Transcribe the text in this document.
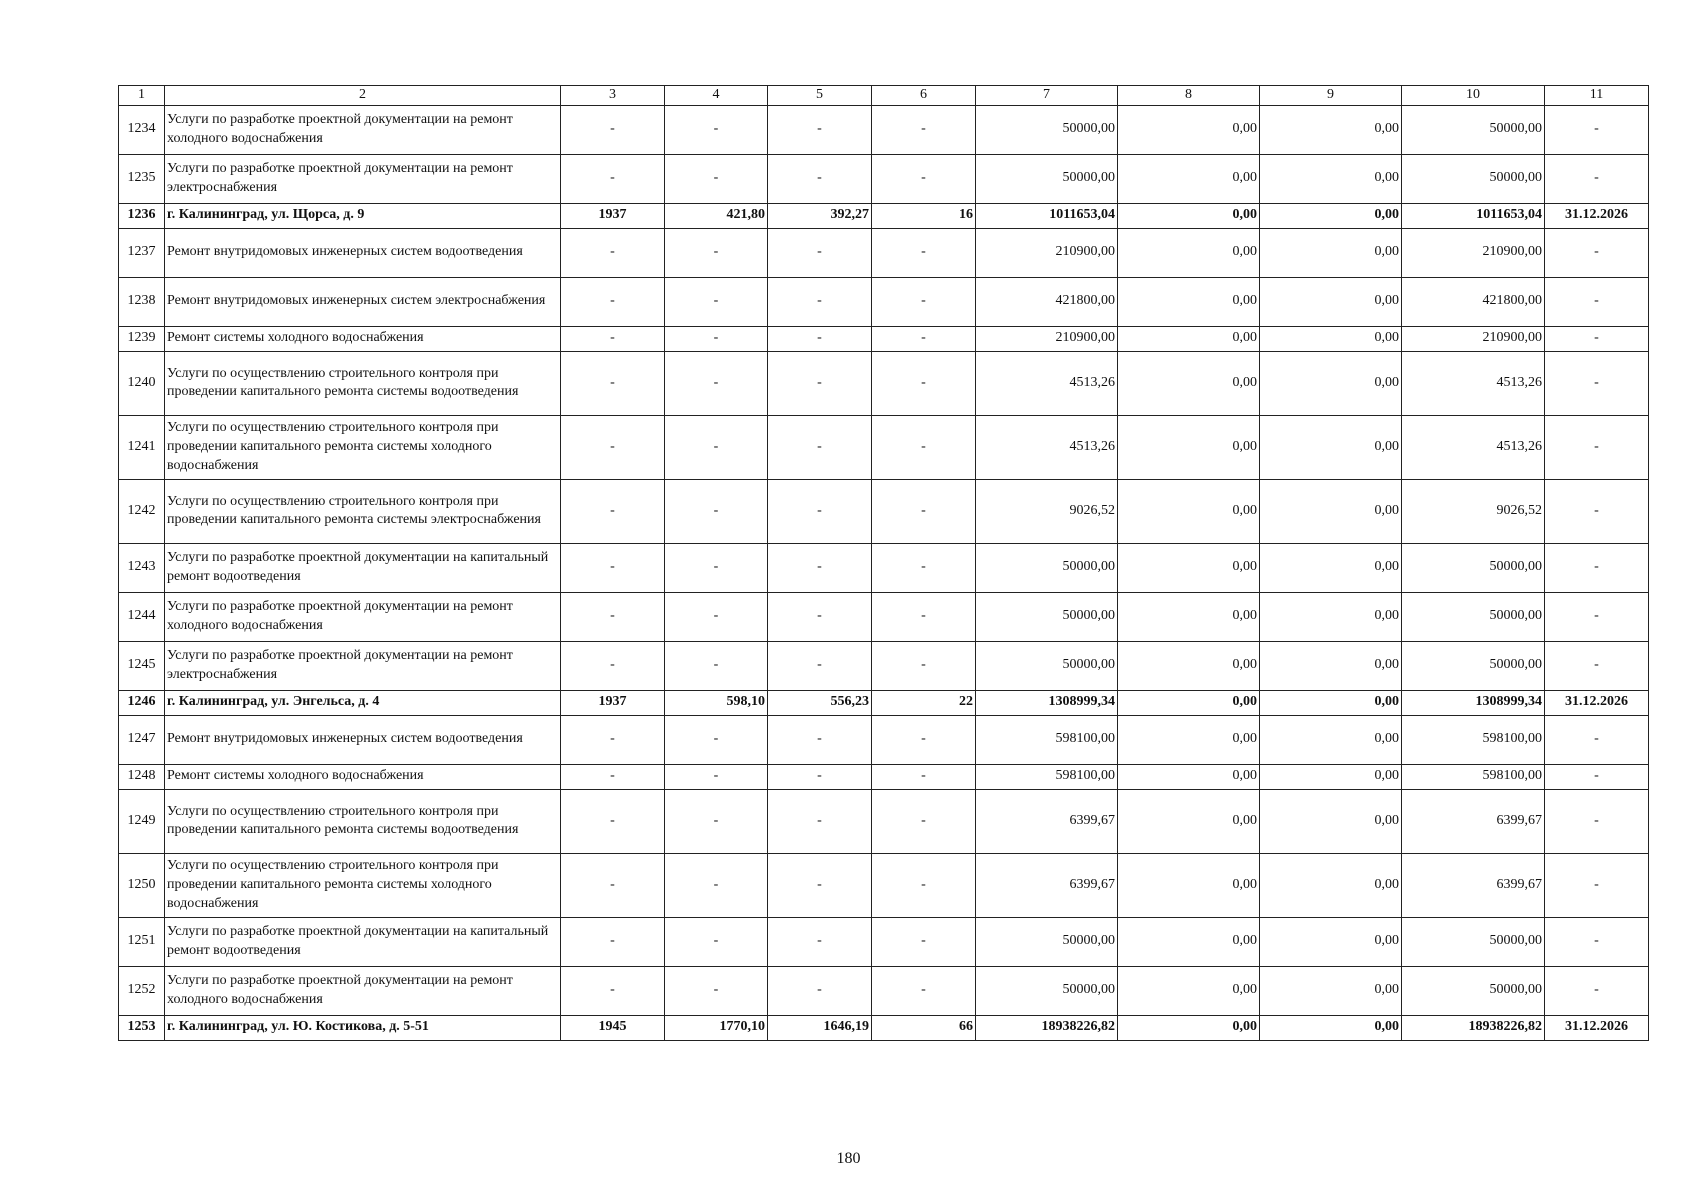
1	2	3	4	5	6	7	8	9	10	11
1234	Услуги по разработке проектной документации на ремонт холодного водоснабжения	-	-	-	-	50000,00	0,00	0,00	50000,00	-
1235	Услуги по разработке проектной документации на ремонт электроснабжения	-	-	-	-	50000,00	0,00	0,00	50000,00	-
1236	г. Калининград, ул. Щорса, д. 9	1937	421,80	392,27	16	1011653,04	0,00	0,00	1011653,04	31.12.2026
1237	Ремонт внутридомовых инженерных систем водоотведения	-	-	-	-	210900,00	0,00	0,00	210900,00	-
1238	Ремонт внутридомовых инженерных систем электроснабжения	-	-	-	-	421800,00	0,00	0,00	421800,00	-
1239	Ремонт системы холодного водоснабжения	-	-	-	-	210900,00	0,00	0,00	210900,00	-
1240	Услуги по осуществлению строительного контроля при проведении капитального ремонта системы водоотведения	-	-	-	-	4513,26	0,00	0,00	4513,26	-
1241	Услуги по осуществлению строительного контроля при проведении капитального ремонта системы холодного водоснабжения	-	-	-	-	4513,26	0,00	0,00	4513,26	-
1242	Услуги по осуществлению строительного контроля при проведении капитального ремонта системы электроснабжения	-	-	-	-	9026,52	0,00	0,00	9026,52	-
1243	Услуги по разработке проектной документации на капитальный ремонт водоотведения	-	-	-	-	50000,00	0,00	0,00	50000,00	-
1244	Услуги по разработке проектной документации на ремонт холодного водоснабжения	-	-	-	-	50000,00	0,00	0,00	50000,00	-
1245	Услуги по разработке проектной документации на ремонт электроснабжения	-	-	-	-	50000,00	0,00	0,00	50000,00	-
1246	г. Калининград, ул. Энгельса, д. 4	1937	598,10	556,23	22	1308999,34	0,00	0,00	1308999,34	31.12.2026
1247	Ремонт внутридомовых инженерных систем водоотведения	-	-	-	-	598100,00	0,00	0,00	598100,00	-
1248	Ремонт системы холодного водоснабжения	-	-	-	-	598100,00	0,00	0,00	598100,00	-
1249	Услуги по осуществлению строительного контроля при проведении капитального ремонта системы водоотведения	-	-	-	-	6399,67	0,00	0,00	6399,67	-
1250	Услуги по осуществлению строительного контроля при проведении капитального ремонта системы холодного водоснабжения	-	-	-	-	6399,67	0,00	0,00	6399,67	-
1251	Услуги по разработке проектной документации на капитальный ремонт водоотведения	-	-	-	-	50000,00	0,00	0,00	50000,00	-
1252	Услуги по разработке проектной документации на ремонт холодного водоснабжения	-	-	-	-	50000,00	0,00	0,00	50000,00	-
1253	г. Калининград, ул. Ю. Костикова, д. 5-51	1945	1770,10	1646,19	66	18938226,82	0,00	0,00	18938226,82	31.12.2026
180
